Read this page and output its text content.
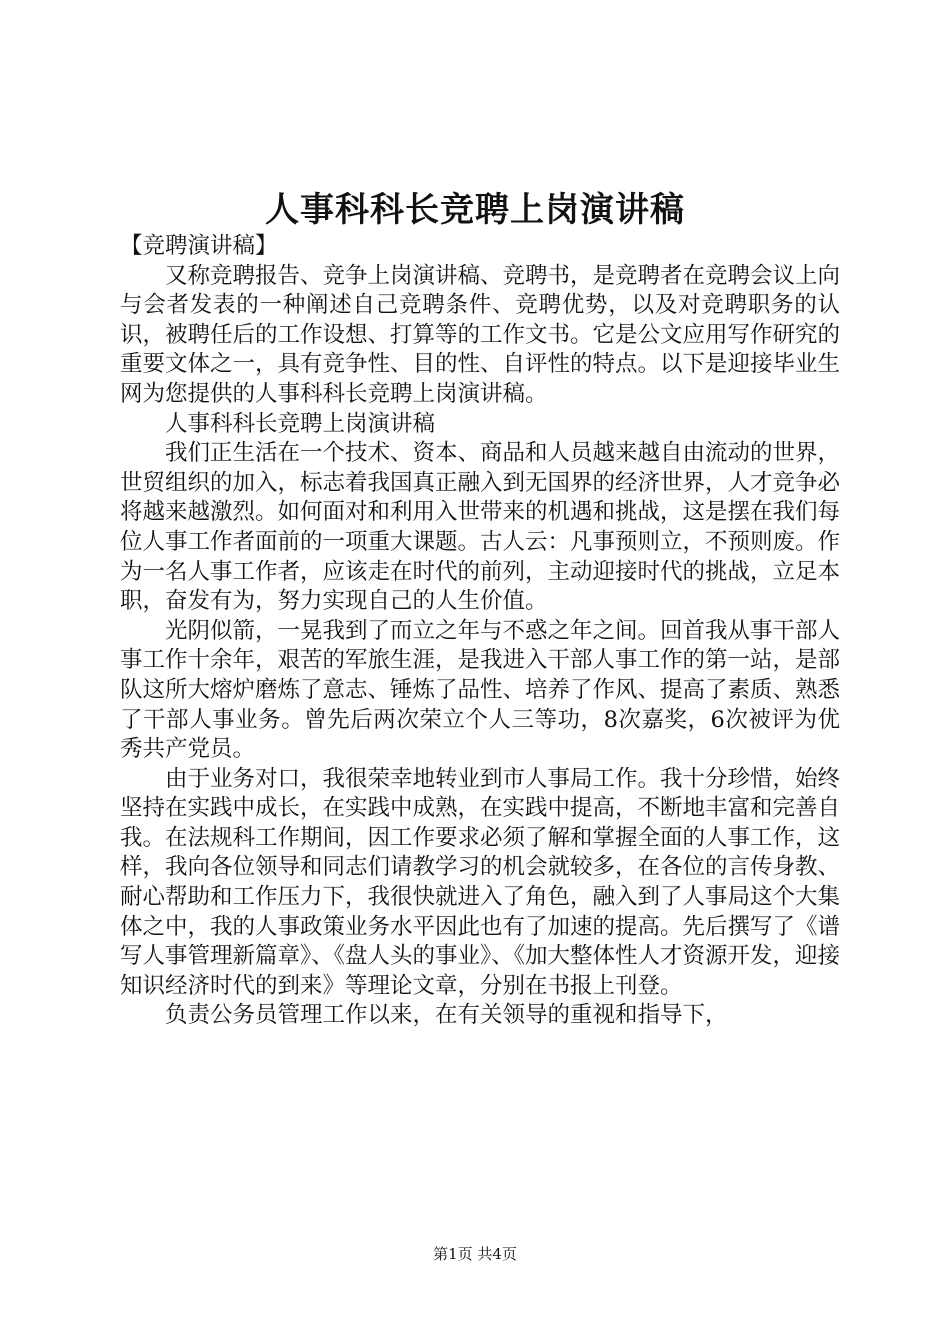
人事科科长竞聘上岗演讲稿

【竞聘演讲稿】

又称竞聘报告、竞争上岗演讲稿、竞聘书，是竞聘者在竞聘会议上向与会者发表的一种阐述自己竞聘条件、竞聘优势，以及对竞聘职务的认识，被聘任后的工作设想、打算等的工作文书。它是公文应用写作研究的重要文体之一，具有竞争性、目的性、自评性的特点。以下是迎接毕业生网为您提供的人事科科长竞聘上岗演讲稿。

人事科科长竞聘上岗演讲稿

我们正生活在一个技术、资本、商品和人员越来越自由流动的世界，世贸组织的加入，标志着我国真正融入到无国界的经济世界，人才竞争必将越来越激烈。如何面对和利用入世带来的机遇和挑战，这是摆在我们每位人事工作者面前的一项重大课题。古人云：凡事预则立，不预则废。作为一名人事工作者，应该走在时代的前列，主动迎接时代的挑战，立足本职，奋发有为，努力实现自己的人生价值。

光阴似箭，一晃我到了而立之年与不惑之年之间。回首我从事干部人事工作十余年，艰苦的军旅生涯，是我进入干部人事工作的第一站，是部队这所大熔炉磨炼了意志、锤炼了品性、培养了作风、提高了素质、熟悉了干部人事业务。曾先后两次荣立个人三等功，8次嘉奖，6次被评为优秀共产党员。

由于业务对口，我很荣幸地转业到市人事局工作。我十分珍惜，始终坚持在实践中成长，在实践中成熟，在实践中提高，不断地丰富和完善自我。在法规科工作期间，因工作要求必须了解和掌握全面的人事工作，这样，我向各位领导和同志们请教学习的机会就较多，在各位的言传身教、耐心帮助和工作压力下，我很快就进入了角色，融入到了人事局这个大集体之中，我的人事政策业务水平因此也有了加速的提高。先后撰写了《谱写人事管理新篇章》、《盘人头的事业》、《加大整体性人才资源开发，迎接知识经济时代的到来》等理论文章，分别在书报上刊登。

负责公务员管理工作以来，在有关领导的重视和指导下，

第1页 共4页
